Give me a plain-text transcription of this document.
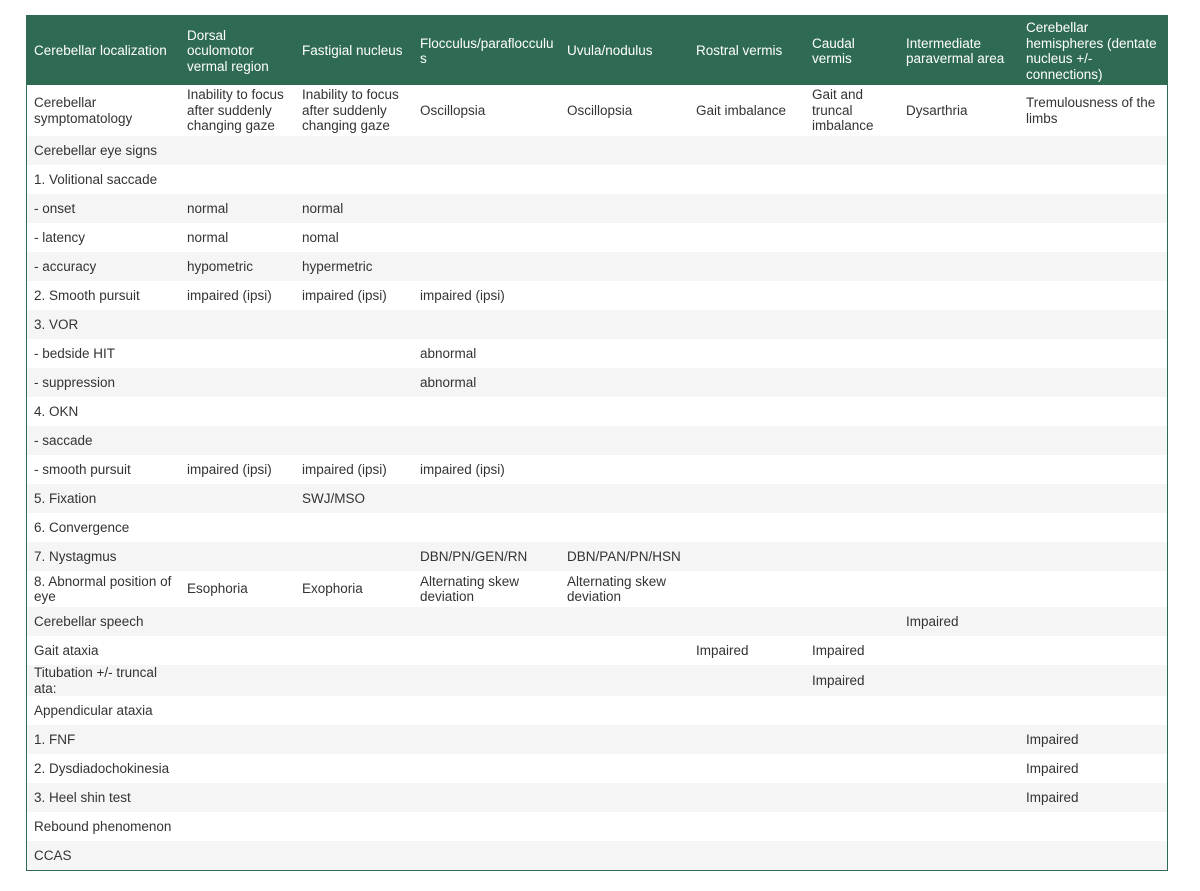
Cerebellar localization	Dorsal oculomotor vermal region	Fastigial nucleus	Flocculus/paraflocculus	Uvula/nodulus	Rostral vermis	Caudal vermis	Intermediate paravermal area	Cerebellar hemispheres (dentate nucleus +/- connections)
Cerebellar symptomatology	Inability to focus after suddenly changing gaze	Inability to focus after suddenly changing gaze	Oscillopsia	Oscillopsia	Gait imbalance	Gait and truncal imbalance	Dysarthria	Tremulousness of the limbs
Cerebellar eye signs								
1. Volitional saccade								
- onset	normal	normal						
- latency	normal	nomal						
- accuracy	hypometric	hypermetric						
2. Smooth pursuit	impaired (ipsi)	impaired (ipsi)	impaired (ipsi)					
3. VOR								
- bedside HIT			abnormal					
- suppression			abnormal					
4. OKN								
- saccade								
- smooth pursuit	impaired (ipsi)	impaired (ipsi)	impaired (ipsi)					
5. Fixation		SWJ/MSO						
6. Convergence								
7. Nystagmus			DBN/PN/GEN/RN	DBN/PAN/PN/HSN				
8. Abnormal position of eye	Esophoria	Exophoria	Alternating skew deviation	Alternating skew deviation				
Cerebellar speech							Impaired	
Gait ataxia					Impaired	Impaired		
Titubation +/- truncal ata:						Impaired		
Appendicular ataxia								
1. FNF								Impaired
2. Dysdiadochokinesia								Impaired
3. Heel shin test								Impaired
Rebound phenomenon								
CCAS								
